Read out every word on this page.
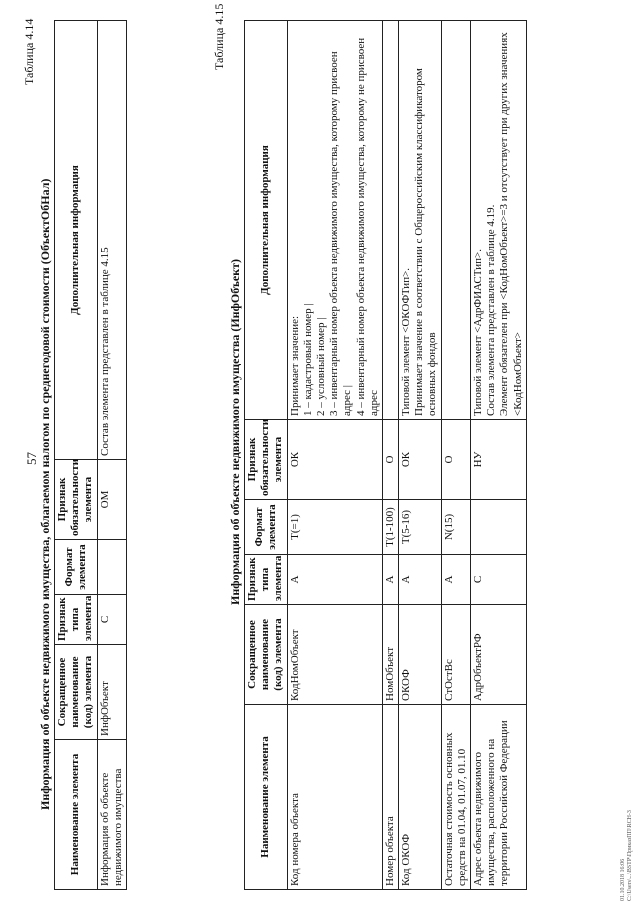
57
Таблица 4.14
Информация об объекте недвижимого имущества, облагаемом налогом по среднегодовой стоимости (ОбъектОбНал)
Наименование элемента	Сокращенное наименование (код) элемента	Признак типа элемента	Формат элемента	Признак обязательности элемента	Дополнительная информация
Информация об объекте недвижимого имущества	ИнфОбъект	С		ОМ	Состав элемента представлен в таблице 4.15
Таблица 4.15
Информация об объекте недвижимого имущества (ИнфОбъект)
Наименование элемента	Сокращенное наименование (код) элемента	Признак типа элемента	Формат элемента	Признак обязательности элемента	Дополнительная информация
Код номера объекта	КодНомОбъект	А	Т(=1)	ОК	Принимает значение:
1 – кадастровый номер |
2 – условный номер |
3 – инвентарный номер объекта недвижимого имущества, которому присвоен адрес |
4 – инвентарный номер объекта недвижимого имущества, которому не присвоен адрес
Номер объекта	НомОбъект	А	Т(1-100)	О	
Код ОКОФ	ОКОФ	А	Т(5-16)	ОК	Типовой элемент <ОКОФТип>.
Принимает значение в соответствии с Общероссийским классификатором основных фондов
Остаточная стоимость основных средств на 01.04, 01.07, 01.10	СтОстВс	А	N(15)	О	
Адрес объекта недвижимого имущества, расположенного на территории Российской Федерации	АдрОбъектРФ	С		НУ	Типовой элемент <АдрФИАСТип>.
Состав элемента представлен в таблице 4.19.
Элемент обязателен при <КодНомОбъект>=3 и отсутствует при других значениях <КодНомОбъект>
01.10.2018 16:06 C:\Users\...\BSTP\ПриказПП\RCH-3
